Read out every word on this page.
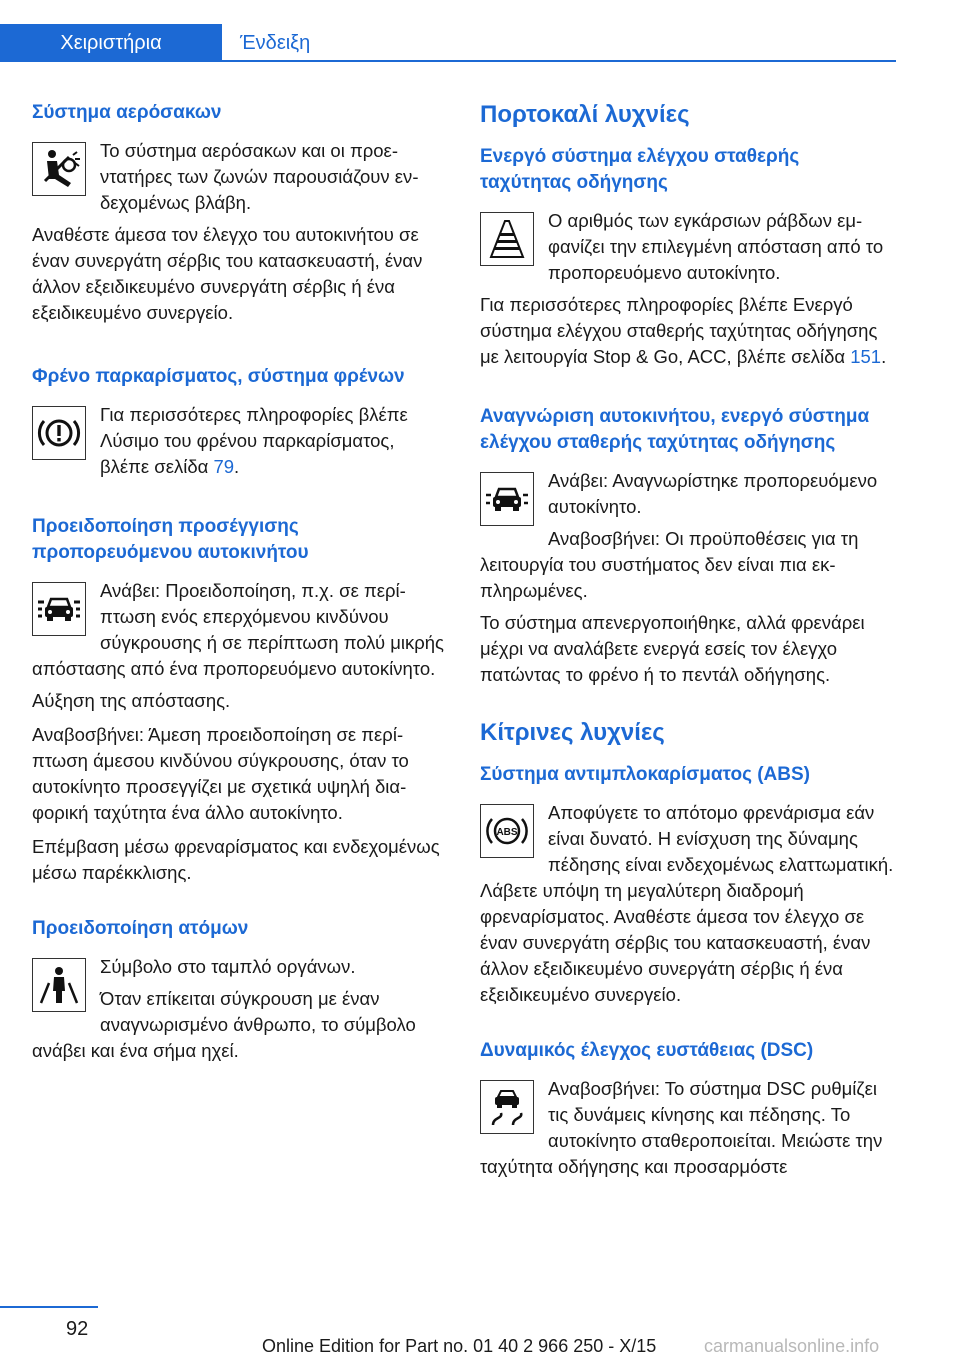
Χειριστήρια	Ένδειξη
Σύστημα αερόσακων
Το σύστημα αερόσακων και οι προεντατήρες των ζωνών παρουσιάζουν ενδεχομένως βλάβη.
Αναθέστε άμεσα τον έλεγχο του αυτοκινήτου σε έναν συνεργάτη σέρβις του κατασκευαστή, έναν άλλον εξειδικευμένο συνεργάτη σέρβις ή ένα εξειδικευμένο συνεργείο.
Φρένο παρκαρίσματος, σύστημα φρένων
Για περισσότερες πληροφορίες βλέπε Λύσιμο του φρένου παρκαρίσματος, βλέπε σελίδα 79.
Προειδοποίηση προσέγγισης προπορευόμενου αυτοκινήτου
Ανάβει: Προειδοποίηση, π.χ. σε περίπτωση ενός επερχόμενου κινδύνου σύγκρουσης ή σε περίπτωση πολύ μικρής απόστασης από ένα προπορευόμενο αυτοκίνητο.
Αύξηση της απόστασης.
Αναβοσβήνει: Άμεση προειδοποίηση σε περίπτωση άμεσου κινδύνου σύγκρουσης, όταν το αυτοκίνητο προσεγγίζει με σχετικά υψηλή διαφορική ταχύτητα ένα άλλο αυτοκίνητο.
Επέμβαση μέσω φρεναρίσματος και ενδεχομένως μέσω παρέκκλισης.
Προειδοποίηση ατόμων
Σύμβολο στο ταμπλό οργάνων.
Όταν επίκειται σύγκρουση με έναν αναγνωρισμένο άνθρωπο, το σύμβολο ανάβει και ένα σήμα ηχεί.
Πορτοκαλί λυχνίες
Ενεργό σύστημα ελέγχου σταθερής ταχύτητας οδήγησης
Ο αριθμός των εγκάρσιων ράβδων εμφανίζει την επιλεγμένη απόσταση από το προπορευόμενο αυτοκίνητο.
Για περισσότερες πληροφορίες βλέπε Ενεργό σύστημα ελέγχου σταθερής ταχύτητας οδήγησης με λειτουργία Stop & Go, ACC, βλέπε σελίδα 151.
Αναγνώριση αυτοκινήτου, ενεργό σύστημα ελέγχου σταθερής ταχύτητας οδήγησης
Ανάβει: Αναγνωρίστηκε προπορευόμενο αυτοκίνητο.
Αναβοσβήνει: Οι προϋποθέσεις για τη λειτουργία του συστήματος δεν είναι πια εκπληρωμένες.
Το σύστημα απενεργοποιήθηκε, αλλά φρενάρει μέχρι να αναλάβετε ενεργά εσείς τον έλεγχο πατώντας το φρένο ή το πεντάλ οδήγησης.
Κίτρινες λυχνίες
Σύστημα αντιμπλοκαρίσματος (ABS)
ABS
Αποφύγετε το απότομο φρενάρισμα εάν είναι δυνατό. Η ενίσχυση της δύναμης πέδησης είναι ενδεχομένως ελαττωματική. Λάβετε υπόψη τη μεγαλύτερη διαδρομή φρεναρίσματος. Αναθέστε άμεσα τον έλεγχο σε έναν συνεργάτη σέρβις του κατασκευαστή, έναν άλλον εξειδικευμένο συνεργάτη σέρβις ή ένα εξειδικευμένο συνεργείο.
Δυναμικός έλεγχος ευστάθειας (DSC)
Αναβοσβήνει: Το σύστημα DSC ρυθμίζει τις δυνάμεις κίνησης και πέδησης. Το αυτοκίνητο σταθεροποιείται. Μειώστε την ταχύτητα οδήγησης και προσαρμόστε
92
Online Edition for Part no. 01 40 2 966 250 - X/15	carmanualsonline.info
